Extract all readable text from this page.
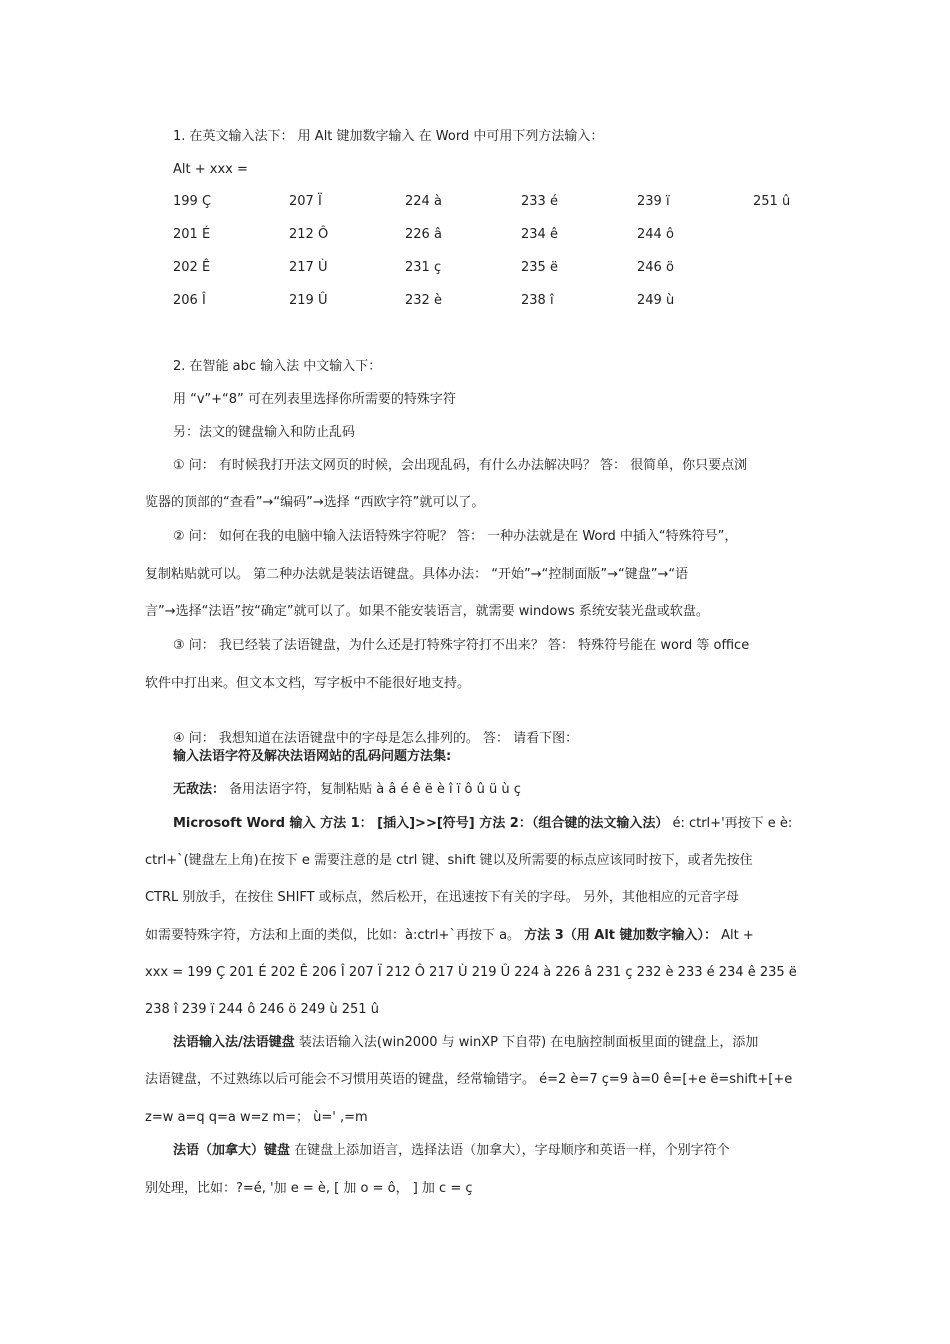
1. 在英文输入法下： 用 Alt 键加数字输入 在 Word 中可用下列方法输入：
Alt + xxx =
199 Ç	207 Ï	224 à	233 é	239 ï	251 û
201 É	212 Ô	226 â	234 ê	244 ô
202 Ê	217 Ù	231 ç	235 ë	246 ö
206 Î	219 Û	232 è	238 î	249 ù
2. 在智能 abc 输入法 中文输入下：
用 “v”+“8” 可在列表里选择你所需要的特殊字符
另：法文的键盘输入和防止乱码
① 问： 有时候我打开法文网页的时候，会出现乱码，有什么办法解决吗？ 答： 很简单，你只要点浏
览器的顶部的“查看”→“编码”→选择 “西欧字符”就可以了。
② 问： 如何在我的电脑中输入法语特殊字符呢？ 答： 一种办法就是在 Word 中插入“特殊符号”，
复制粘贴就可以。 第二种办法就是装法语键盘。具体办法： “开始”→“控制面版”→“键盘”→“语
言”→选择“法语”按“确定”就可以了。如果不能安装语言，就需要 windows 系统安装光盘或软盘。
③ 问： 我已经装了法语键盘，为什么还是打特殊字符打不出来？ 答： 特殊符号能在 word 等 office
软件中打出来。但文本文档，写字板中不能很好地支持。
④ 问： 我想知道在法语键盘中的字母是怎么排列的。 答： 请看下图：
输入法语字符及解决法语网站的乱码问题方法集:
无敌法： 备用法语字符，复制粘贴 à â é ê ë è î ï ô û ü ù ç
Microsoft Word 输入 方法 1： [插入]>>[符号] 方法 2：（组合键的法文输入法） é: ctrl+'再按下 e è:
ctrl+`(键盘左上角)在按下 e 需要注意的是 ctrl 键、shift 键以及所需要的标点应该同时按下，或者先按住
CTRL 别放手，在按住 SHIFT 或标点，然后松开，在迅速按下有关的字母。 另外，其他相应的元音字母
如需要特殊字符，方法和上面的类似，比如：à:ctrl+`再按下 a。 方法 3（用 Alt 键加数字输入）： Alt +
xxx = 199 Ç 201 É 202 Ê 206 Î 207 Ï 212 Ô 217 Ù 219 Û 224 à 226 â 231 ç 232 è 233 é 234 ê 235 ë
238 î 239 ï 244 ô 246 ö 249 ù 251 û
法语输入法/法语键盘 装法语输入法(win2000 与 winXP 下自带) 在电脑控制面板里面的键盘上，添加
法语键盘，不过熟练以后可能会不习惯用英语的键盘，经常输错字。 é=2 è=7 ç=9 à=0 ê=[+e ë=shift+[+e
z=w a=q q=a w=z m=； ù=' ,=m
法语（加拿大）键盘 在键盘上添加语言，选择法语（加拿大），字母顺序和英语一样，个别字符个
别处理，比如：?=é, '加 e = è, [ 加 o = ô， ] 加 c = ç
